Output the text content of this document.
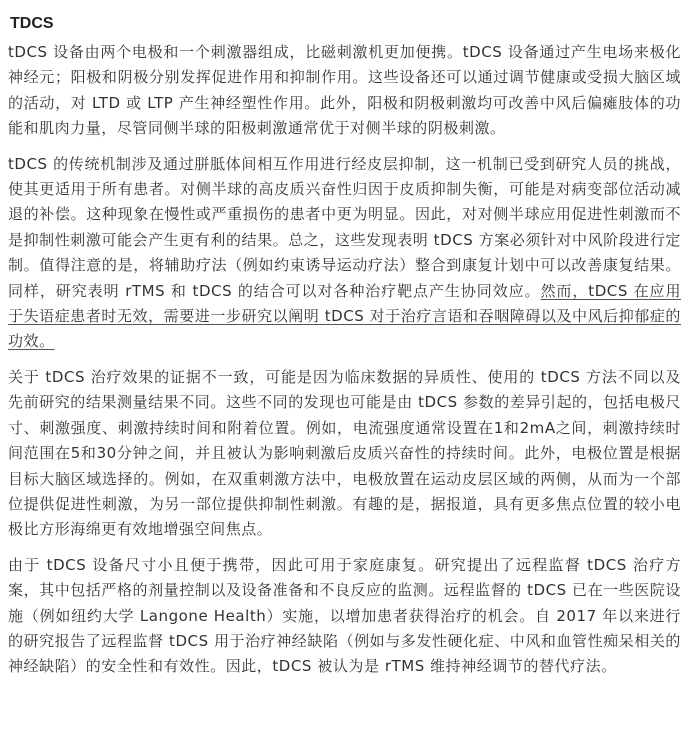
TDCS

tDCS 设备由两个电极和一个刺激器组成，比磁刺激机更加便携。tDCS 设备通过产生电场来极化神经元；阳极和阴极分别发挥促进作用和抑制作用。这些设备还可以通过调节健康或受损大脑区域的活动，对 LTD 或 LTP 产生神经塑性作用。此外，阳极和阴极刺激均可改善中风后偏瘫肢体的功能和肌肉力量，尽管同侧半球的阳极刺激通常优于对侧半球的阴极刺激。

tDCS 的传统机制涉及通过胼胝体间相互作用进行经皮层抑制，这一机制已受到研究人员的挑战，使其更适用于所有患者。对侧半球的高皮质兴奋性归因于皮质抑制失衡，可能是对病变部位活动减退的补偿。这种现象在慢性或严重损伤的患者中更为明显。因此，对对侧半球应用促进性刺激而不是抑制性刺激可能会产生更有利的结果。总之，这些发现表明 tDCS 方案必须针对中风阶段进行定制。值得注意的是，将辅助疗法（例如约束诱导运动疗法）整合到康复计划中可以改善康复结果。同样，研究表明 rTMS 和 tDCS 的结合可以对各种治疗靶点产生协同效应。然而，tDCS 在应用于失语症患者时无效，需要进一步研究以阐明 tDCS 对于治疗言语和吞咽障碍以及中风后抑郁症的功效。

关于 tDCS 治疗效果的证据不一致，可能是因为临床数据的异质性、使用的 tDCS 方法不同以及先前研究的结果测量结果不同。这些不同的发现也可能是由 tDCS 参数的差异引起的，包括电极尺寸、刺激强度、刺激持续时间和附着位置。例如，电流强度通常设置在1和2mA之间，刺激持续时间范围在5和30分钟之间，并且被认为影响刺激后皮质兴奋性的持续时间。此外，电极位置是根据目标大脑区域选择的。例如，在双重刺激方法中，电极放置在运动皮层区域的两侧，从而为一个部位提供促进性刺激，为另一部位提供抑制性刺激。有趣的是，据报道，具有更多焦点位置的较小电极比方形海绵更有效地增强空间焦点。

由于 tDCS 设备尺寸小且便于携带，因此可用于家庭康复。研究提出了远程监督 tDCS 治疗方案，其中包括严格的剂量控制以及设备准备和不良反应的监测。远程监督的 tDCS 已在一些医院设施（例如纽约大学 Langone Health）实施，以增加患者获得治疗的机会。自 2017 年以来进行的研究报告了远程监督 tDCS 用于治疗神经缺陷（例如与多发性硬化症、中风和血管性痴呆相关的神经缺陷）的安全性和有效性。因此，tDCS 被认为是 rTMS 维持神经调节的替代疗法。
